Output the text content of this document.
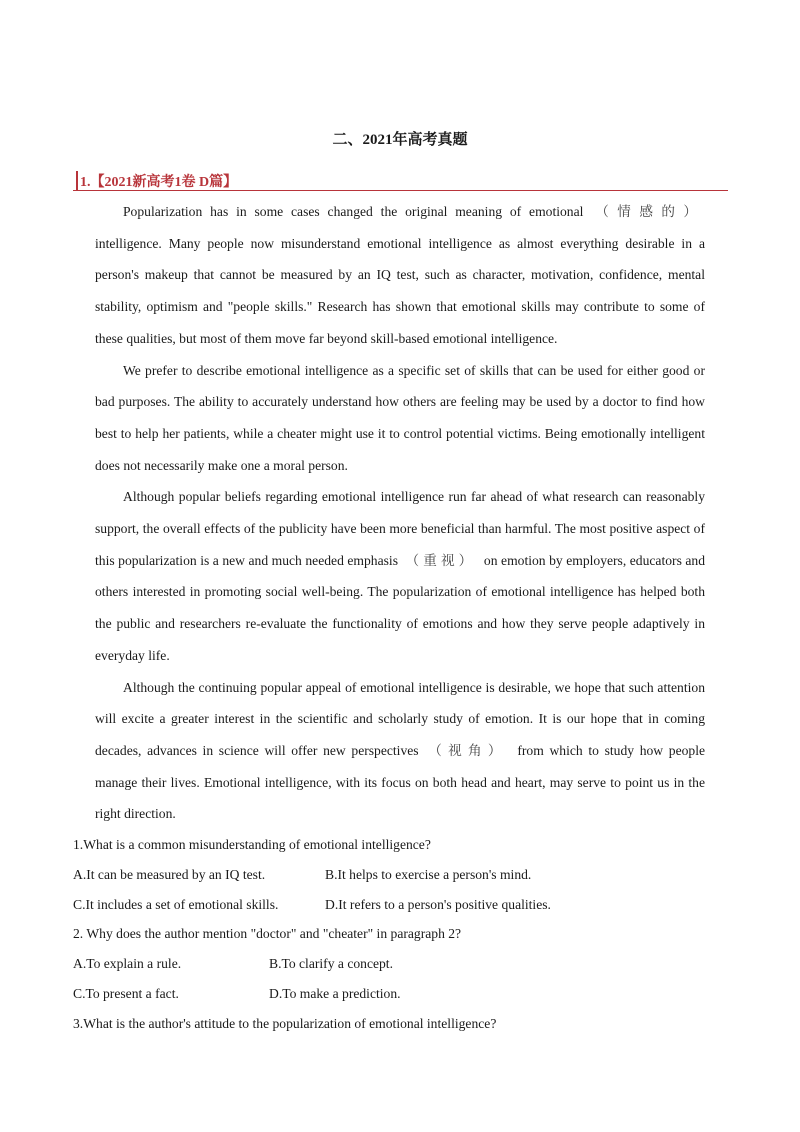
二、2021年高考真题
1.【2021新高考1卷 D篇】

Popularization has in some cases changed the original meaning of emotional （情感的） intelligence. Many people now misunderstand emotional intelligence as almost everything desirable in a person's makeup that cannot be measured by an IQ test, such as character, motivation, confidence, mental stability, optimism and "people skills." Research has shown that emotional skills may contribute to some of these qualities, but most of them move far beyond skill-based emotional intelligence.

We prefer to describe emotional intelligence as a specific set of skills that can be used for either good or bad purposes. The ability to accurately understand how others are feeling may be used by a doctor to find how best to help her patients, while a cheater might use it to control potential victims. Being emotionally intelligent does not necessarily make one a moral person.

Although popular beliefs regarding emotional intelligence run far ahead of what research can reasonably support, the overall effects of the publicity have been more beneficial than harmful. The most positive aspect of this popularization is a new and much needed emphasis （重视） on emotion by employers, educators and others interested in promoting social well-being. The popularization of emotional intelligence has helped both the public and researchers re-evaluate the functionality of emotions and how they serve people adaptively in everyday life.

Although the continuing popular appeal of emotional intelligence is desirable, we hope that such attention will excite a greater interest in the scientific and scholarly study of emotion. It is our hope that in coming decades, advances in science will offer new perspectives （视角） from which to study how people manage their lives. Emotional intelligence, with its focus on both head and heart, may serve to point us in the right direction.

1.What is a common misunderstanding of emotional intelligence?
A.It can be measured by an IQ test.	B.It helps to exercise a person's mind.
C.It includes a set of emotional skills.	D.It refers to a person's positive qualities.
2. Why does the author mention "doctor" and "cheater" in paragraph 2?
A.To explain a rule.	B.To clarify a concept.
C.To present a fact.	D.To make a prediction.
3.What is the author's attitude to the popularization of emotional intelligence?
